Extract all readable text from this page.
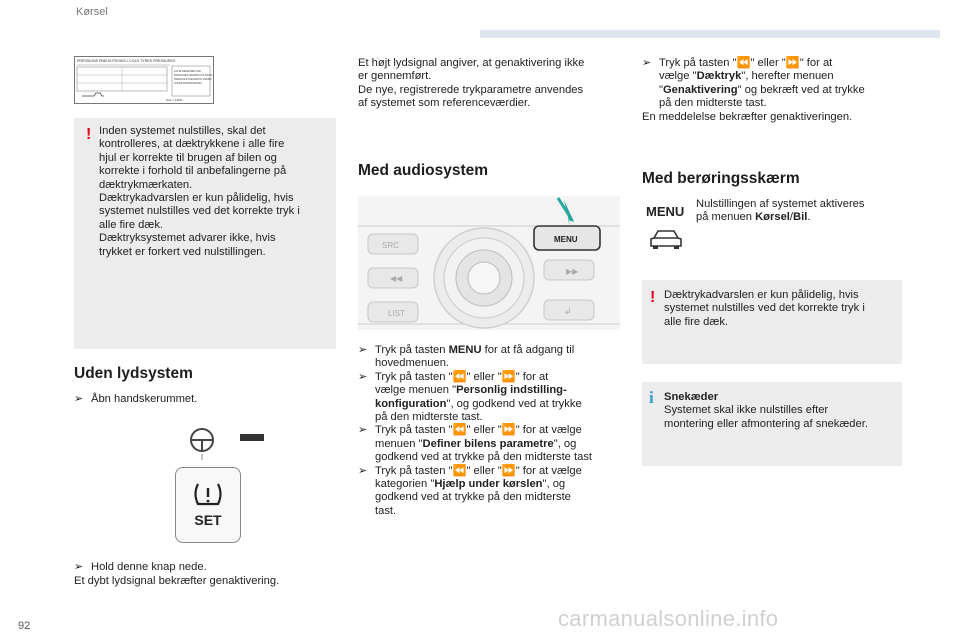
Kørsel
PRESSIONS PNEUS FROIDS • COLD TYRES PRESSURES
KALTE REIFENDRUCKE
PRESIONES NEUMATICOS FRIOS
PRESSIONI PNEUMATICI FREDDI
KOUDE BANDSPANNING
1bar = 14PSI
! Inden systemet nulstilles, skal det
kontrolleres, at dæktrykkene i alle fire
hjul er korrekte til brugen af bilen og
korrekte i forhold til anbefalingerne på
dæktrykmærkaten.
Dæktrykadvarslen er kun pålidelig, hvis
systemet nulstilles ved det korrekte tryk i
alle fire dæk.
Dæktryksystemet advarer ikke, hvis
trykket er forkert ved nulstillingen.
Uden lydsystem
➢ Åbn handskerummet.
SET
➢ Hold denne knap nede.
Et dybt lydsignal bekræfter genaktivering.
Et højt lydsignal angiver, at genaktivering ikke
er gennemført.
De nye, registrerede trykparametre anvendes
af systemet som referenceværdier.
Med audiosystem
SRC
◀◀
LIST
MENU
▶▶
↲
➢ Tryk på tasten MENU for at få adgang til
hovedmenuen.
➢ Tryk på tasten "⏪" eller "⏩" for at
vælge menuen "Personlig indstilling-
konfiguration", og godkend ved at trykke
på den midterste tast.
➢ Tryk på tasten "⏪" eller "⏩" for at vælge
menuen "Definer bilens parametre", og
godkend ved at trykke på den midterste tast
➢ Tryk på tasten "⏪" eller "⏩" for at vælge
kategorien "Hjælp under kørslen", og
godkend ved at trykke på den midterste
tast.
➢ Tryk på tasten "⏪" eller "⏩" for at
vælge "Dæktryk", herefter menuen
"Genaktivering" og bekræft ved at trykke
på den midterste tast.
En meddelelse bekræfter genaktiveringen.
Med berøringsskærm
MENU Nulstillingen af systemet aktiveres
på menuen Kørsel/Bil.
! Dæktrykadvarslen er kun pålidelig, hvis
systemet nulstilles ved det korrekte tryk i
alle fire dæk.
i Snekæder
Systemet skal ikke nulstilles efter
montering eller afmontering af snekæder.
92	carmanualsonline.info
